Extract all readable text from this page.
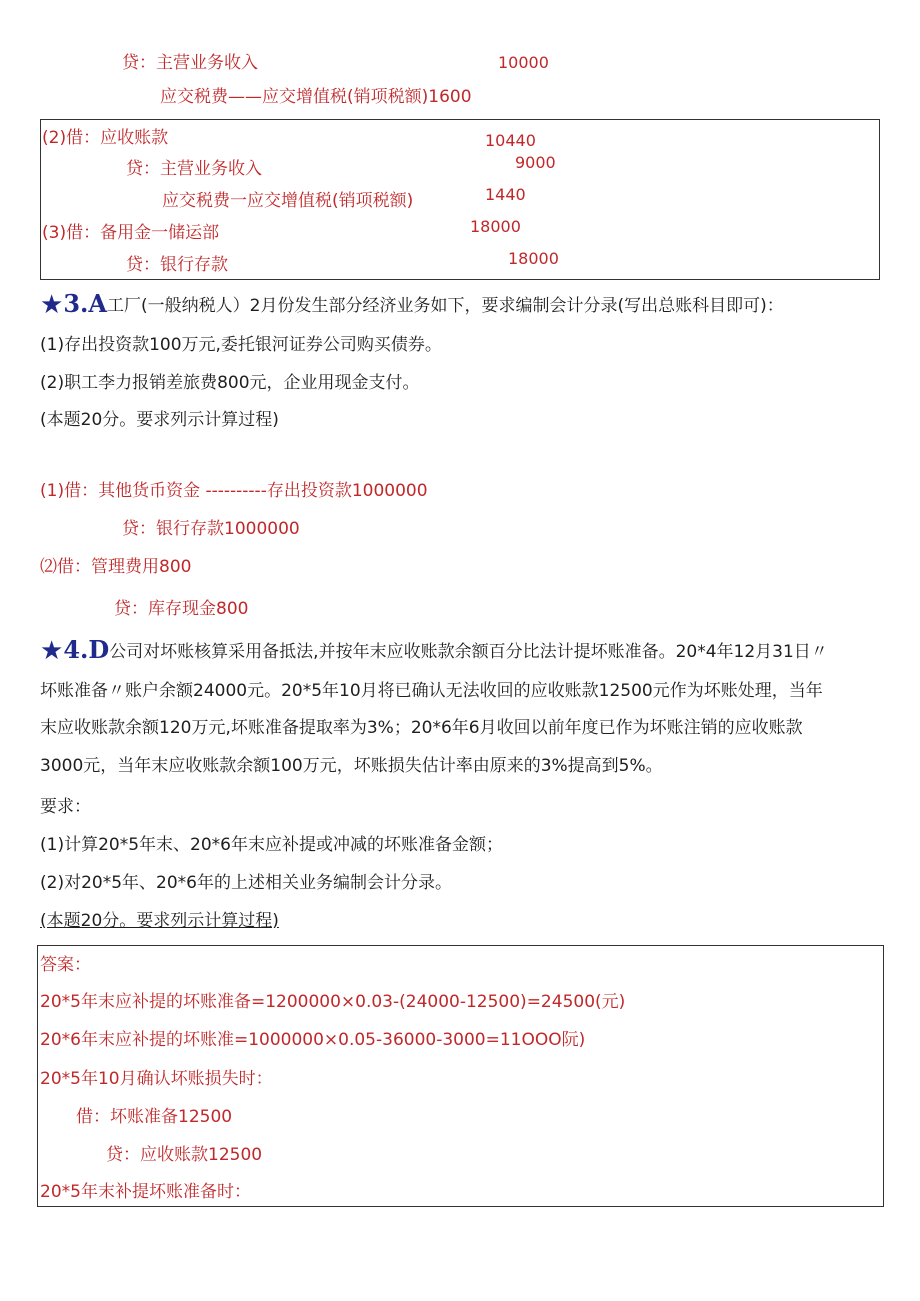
贷：主营业务收入	10000
应交税费——应交增值税(销项税额)1600
(2)借：应收账款	10440
贷：主营业务收入	9000
应交税费一应交增值税(销项税额)	1440
(3)借：备用金一储运部	18000
贷：银行存款	18000
★3.A工厂(一般纳税人）2月份发生部分经济业务如下，要求编制会计分录(写出总账科目即可)：
(1)存出投资款100万元,委托银河证券公司购买债券。
(2)职工李力报销差旅费800元，企业用现金支付。
(本题20分。要求列示计算过程)
(1)借：其他货币资金 ----------存出投资款1000000
贷：银行存款1000000
⑵借：管理费用800
贷：库存现金800
★4.D公司对坏账核算采用备抵法,并按年末应收账款余额百分比法计提坏账准备。20*4年12月31日〃
坏账准备〃账户余额24000元。20*5年10月将已确认无法收回的应收账款12500元作为坏账处理，当年
末应收账款余额120万元,坏账准备提取率为3%；20*6年6月收回以前年度已作为坏账注销的应收账款
3000元，当年末应收账款余额100万元，坏账损失估计率由原来的3%提高到5%。
要求：
(1)计算20*5年末、20*6年末应补提或冲减的坏账准备金额；
(2)对20*5年、20*6年的上述相关业务编制会计分录。
(本题20分。要求列示计算过程)
答案：
20*5年末应补提的坏账准备=1200000×0.03-(24000-12500)=24500(元)
20*6年末应补提的坏账准=1000000×0.05-36000-3000=11OOO阮)
20*5年10月确认坏账损失时：
借：坏账准备12500
贷：应收账款12500
20*5年末补提坏账准备时：
